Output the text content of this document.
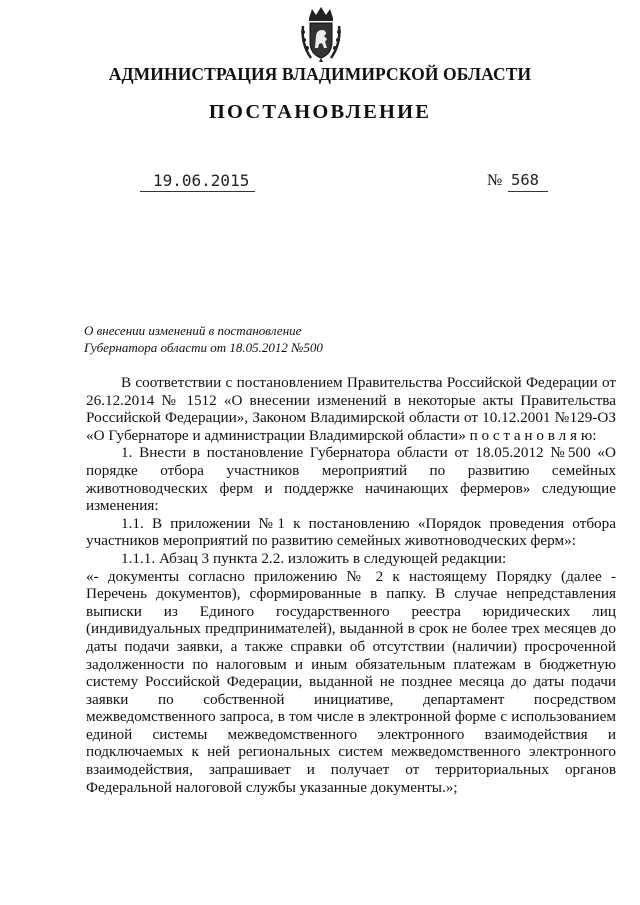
АДМИНИСТРАЦИЯ ВЛАДИМИРСКОЙ ОБЛАСТИ
ПОСТАНОВЛЕНИЕ
19.06.2015	№ 568
О внесении изменений в постановление
Губернатора области от 18.05.2012 №500

В соответствии с постановлением Правительства Российской Федерации от 26.12.2014 № 1512 «О внесении изменений в некоторые акты Правительства Российской Федерации», Законом Владимирской области от 10.12.2001 №129-ОЗ «О Губернаторе и администрации Владимирской области» п о с т а н о в л я ю:

1. Внести в постановление Губернатора области от 18.05.2012 №500 «О порядке отбора участников мероприятий по развитию семейных животноводческих ферм и поддержке начинающих фермеров» следующие изменения:

1.1. В приложении №1 к постановлению «Порядок проведения отбора участников мероприятий по развитию семейных животноводческих ферм»:

1.1.1. Абзац 3 пункта 2.2. изложить в следующей редакции:

«- документы согласно приложению № 2 к настоящему Порядку (далее - Перечень документов), сформированные в папку. В случае непредставления выписки из Единого государственного реестра юридических лиц (индивидуальных предпринимателей), выданной в срок не более трех месяцев до даты подачи заявки, а также справки об отсутствии (наличии) просроченной задолженности по налоговым и иным обязательным платежам в бюджетную систему Российской Федерации, выданной не позднее месяца до даты подачи заявки по собственной инициативе, департамент посредством межведомственного запроса, в том числе в электронной форме с использованием единой системы межведомственного электронного взаимодействия и подключаемых к ней региональных систем межведомственного электронного взаимодействия, запрашивает и получает от территориальных органов Федеральной налоговой службы указанные документы.»;
